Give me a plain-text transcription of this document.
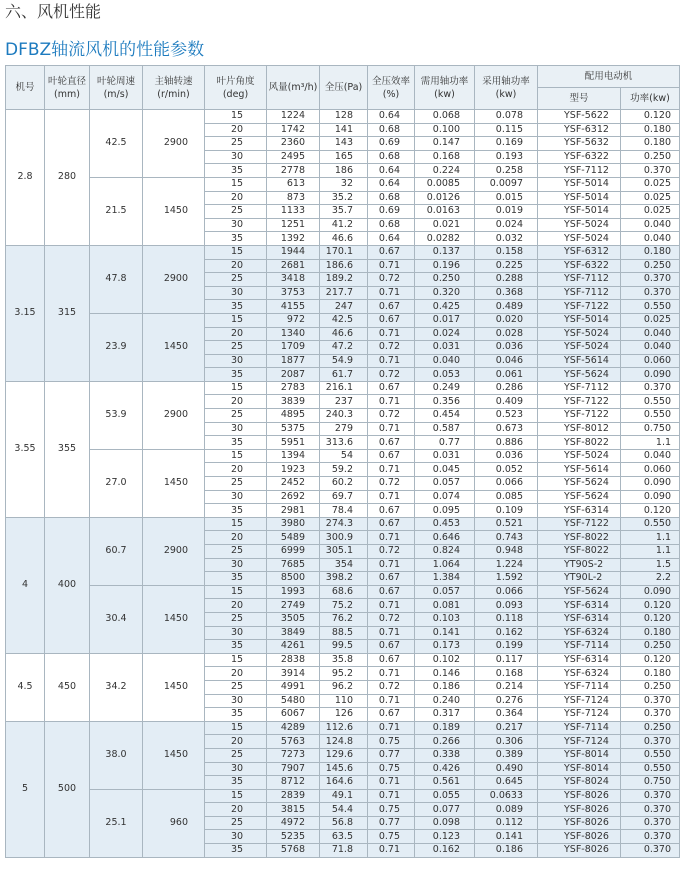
六、风机性能
DFBZ轴流风机的性能参数
机号	叶轮直径(mm)	叶轮周速(m/s)	主轴转速(r/min)	叶片角度(deg)	风量(m³/h)	全压(Pa)	全压效率(%)	需用轴功率(kw)	采用轴功率(kw)	配用电动机	
										型号	功率(kw)
2.8	280	42.5	2900	15	1224	128	0.64	0.068	0.078	YSF-5622	0.120
				20	1742	141	0.68	0.100	0.115	YSF-6312	0.180
				25	2360	143	0.69	0.147	0.169	YSF-5632	0.180
				30	2495	165	0.68	0.168	0.193	YSF-6322	0.250
				35	2778	186	0.64	0.224	0.258	YSF-7112	0.370
		21.5	1450	15	613	32	0.64	0.0085	0.0097	YSF-5014	0.025
				20	873	35.2	0.68	0.0126	0.015	YSF-5014	0.025
				25	1133	35.7	0.69	0.0163	0.019	YSF-5014	0.025
				30	1251	41.2	0.68	0.021	0.024	YSF-5024	0.040
				35	1392	46.6	0.64	0.0282	0.032	YSF-5024	0.040
3.15	315	47.8	2900	15	1944	170.1	0.67	0.137	0.158	YSF-6312	0.180
				20	2681	186.6	0.71	0.196	0.225	YSF-6322	0.250
				25	3418	189.2	0.72	0.250	0.288	YSF-7112	0.370
				30	3753	217.7	0.71	0.320	0.368	YSF-7112	0.370
				35	4155	247	0.67	0.425	0.489	YSF-7122	0.550
		23.9	1450	15	972	42.5	0.67	0.017	0.020	YSF-5014	0.025
				20	1340	46.6	0.71	0.024	0.028	YSF-5024	0.040
				25	1709	47.2	0.72	0.031	0.036	YSF-5024	0.040
				30	1877	54.9	0.71	0.040	0.046	YSF-5614	0.060
				35	2087	61.7	0.72	0.053	0.061	YSF-5624	0.090
3.55	355	53.9	2900	15	2783	216.1	0.67	0.249	0.286	YSF-7112	0.370
				20	3839	237	0.71	0.356	0.409	YSF-7122	0.550
				25	4895	240.3	0.72	0.454	0.523	YSF-7122	0.550
				30	5375	279	0.71	0.587	0.673	YSF-8012	0.750
				35	5951	313.6	0.67	0.77	0.886	YSF-8022	1.1
		27.0	1450	15	1394	54	0.67	0.031	0.036	YSF-5024	0.040
				20	1923	59.2	0.71	0.045	0.052	YSF-5614	0.060
				25	2452	60.2	0.72	0.057	0.066	YSF-5624	0.090
				30	2692	69.7	0.71	0.074	0.085	YSF-5624	0.090
				35	2981	78.4	0.67	0.095	0.109	YSF-6314	0.120
4	400	60.7	2900	15	3980	274.3	0.67	0.453	0.521	YSF-7122	0.550
				20	5489	300.9	0.71	0.646	0.743	YSF-8022	1.1
				25	6999	305.1	0.72	0.824	0.948	YSF-8022	1.1
				30	7685	354	0.71	1.064	1.224	YT90S-2	1.5
				35	8500	398.2	0.67	1.384	1.592	YT90L-2	2.2
		30.4	1450	15	1993	68.6	0.67	0.057	0.066	YSF-5624	0.090
				20	2749	75.2	0.71	0.081	0.093	YSF-6314	0.120
				25	3505	76.2	0.72	0.103	0.118	YSF-6314	0.120
				30	3849	88.5	0.71	0.141	0.162	YSF-6324	0.180
				35	4261	99.5	0.67	0.173	0.199	YSF-7114	0.250
4.5	450	34.2	1450	15	2838	35.8	0.67	0.102	0.117	YSF-6314	0.120
				20	3914	95.2	0.71	0.146	0.168	YSF-6324	0.180
				25	4991	96.2	0.72	0.186	0.214	YSF-7114	0.250
				30	5480	110	0.71	0.240	0.276	YSF-7124	0.370
				35	6067	126	0.67	0.317	0.364	YSF-7124	0.370
5	500	38.0	1450	15	4289	112.6	0.71	0.189	0.217	YSF-7114	0.250
				20	5763	124.8	0.75	0.266	0.306	YSF-7124	0.370
				25	7273	129.6	0.77	0.338	0.389	YSF-8014	0.550
				30	7907	145.6	0.75	0.426	0.490	YSF-8014	0.550
				35	8712	164.6	0.71	0.561	0.645	YSF-8024	0.750
		25.1	960	15	2839	49.1	0.71	0.055	0.0633	YSF-8026	0.370
				20	3815	54.4	0.75	0.077	0.089	YSF-8026	0.370
				25	4972	56.8	0.77	0.098	0.112	YSF-8026	0.370
				30	5235	63.5	0.75	0.123	0.141	YSF-8026	0.370
				35	5768	71.8	0.71	0.162	0.186	YSF-8026	0.370
